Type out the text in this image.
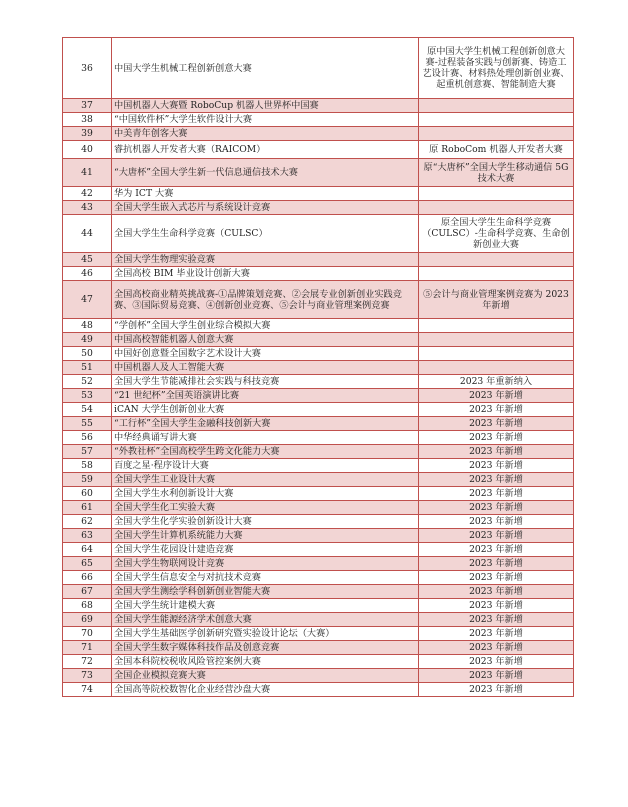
36	中国大学生机械工程创新创意大赛	原中国大学生机械工程创新创意大赛-过程装备实践与创新赛、铸造工艺设计赛、材料热处理创新创业赛、起重机创意赛、智能制造大赛
37	中国机器人大赛暨 RoboCup 机器人世界杯中国赛	
38	“中国软件杯”大学生软件设计大赛	
39	中美青年创客大赛	
40	睿抗机器人开发者大赛（RAICOM）	原 RoboCom 机器人开发者大赛
41	“大唐杯”全国大学生新一代信息通信技术大赛	原“大唐杯”全国大学生移动通信 5G 技术大赛
42	华为 ICT 大赛	
43	全国大学生嵌入式芯片与系统设计竞赛	
44	全国大学生生命科学竞赛（CULSC）	原全国大学生生命科学竞赛（CULSC）-生命科学竞赛、生命创新创业大赛
45	全国大学生物理实验竞赛	
46	全国高校 BIM 毕业设计创新大赛	
47	全国高校商业精英挑战赛-①品牌策划竞赛、②会展专业创新创业实践竞赛、③国际贸易竞赛、④创新创业竞赛、⑤会计与商业管理案例竞赛	⑤会计与商业管理案例竞赛为 2023 年新增
48	“学创杯”全国大学生创业综合模拟大赛	
49	中国高校智能机器人创意大赛	
50	中国好创意暨全国数字艺术设计大赛	
51	中国机器人及人工智能大赛	
52	全国大学生节能减排社会实践与科技竞赛	2023 年重新纳入
53	“21 世纪杯”全国英语演讲比赛	2023 年新增
54	iCAN 大学生创新创业大赛	2023 年新增
55	“工行杯”全国大学生金融科技创新大赛	2023 年新增
56	中华经典诵写讲大赛	2023 年新增
57	“外教社杯”全国高校学生跨文化能力大赛	2023 年新增
58	百度之星·程序设计大赛	2023 年新增
59	全国大学生工业设计大赛	2023 年新增
60	全国大学生水利创新设计大赛	2023 年新增
61	全国大学生化工实验大赛	2023 年新增
62	全国大学生化学实验创新设计大赛	2023 年新增
63	全国大学生计算机系统能力大赛	2023 年新增
64	全国大学生花园设计建造竞赛	2023 年新增
65	全国大学生物联网设计竞赛	2023 年新增
66	全国大学生信息安全与对抗技术竞赛	2023 年新增
67	全国大学生测绘学科创新创业智能大赛	2023 年新增
68	全国大学生统计建模大赛	2023 年新增
69	全国大学生能源经济学术创意大赛	2023 年新增
70	全国大学生基础医学创新研究暨实验设计论坛（大赛）	2023 年新增
71	全国大学生数字媒体科技作品及创意竞赛	2023 年新增
72	全国本科院校税收风险管控案例大赛	2023 年新增
73	全国企业模拟竞赛大赛	2023 年新增
74	全国高等院校数智化企业经营沙盘大赛	2023 年新增
